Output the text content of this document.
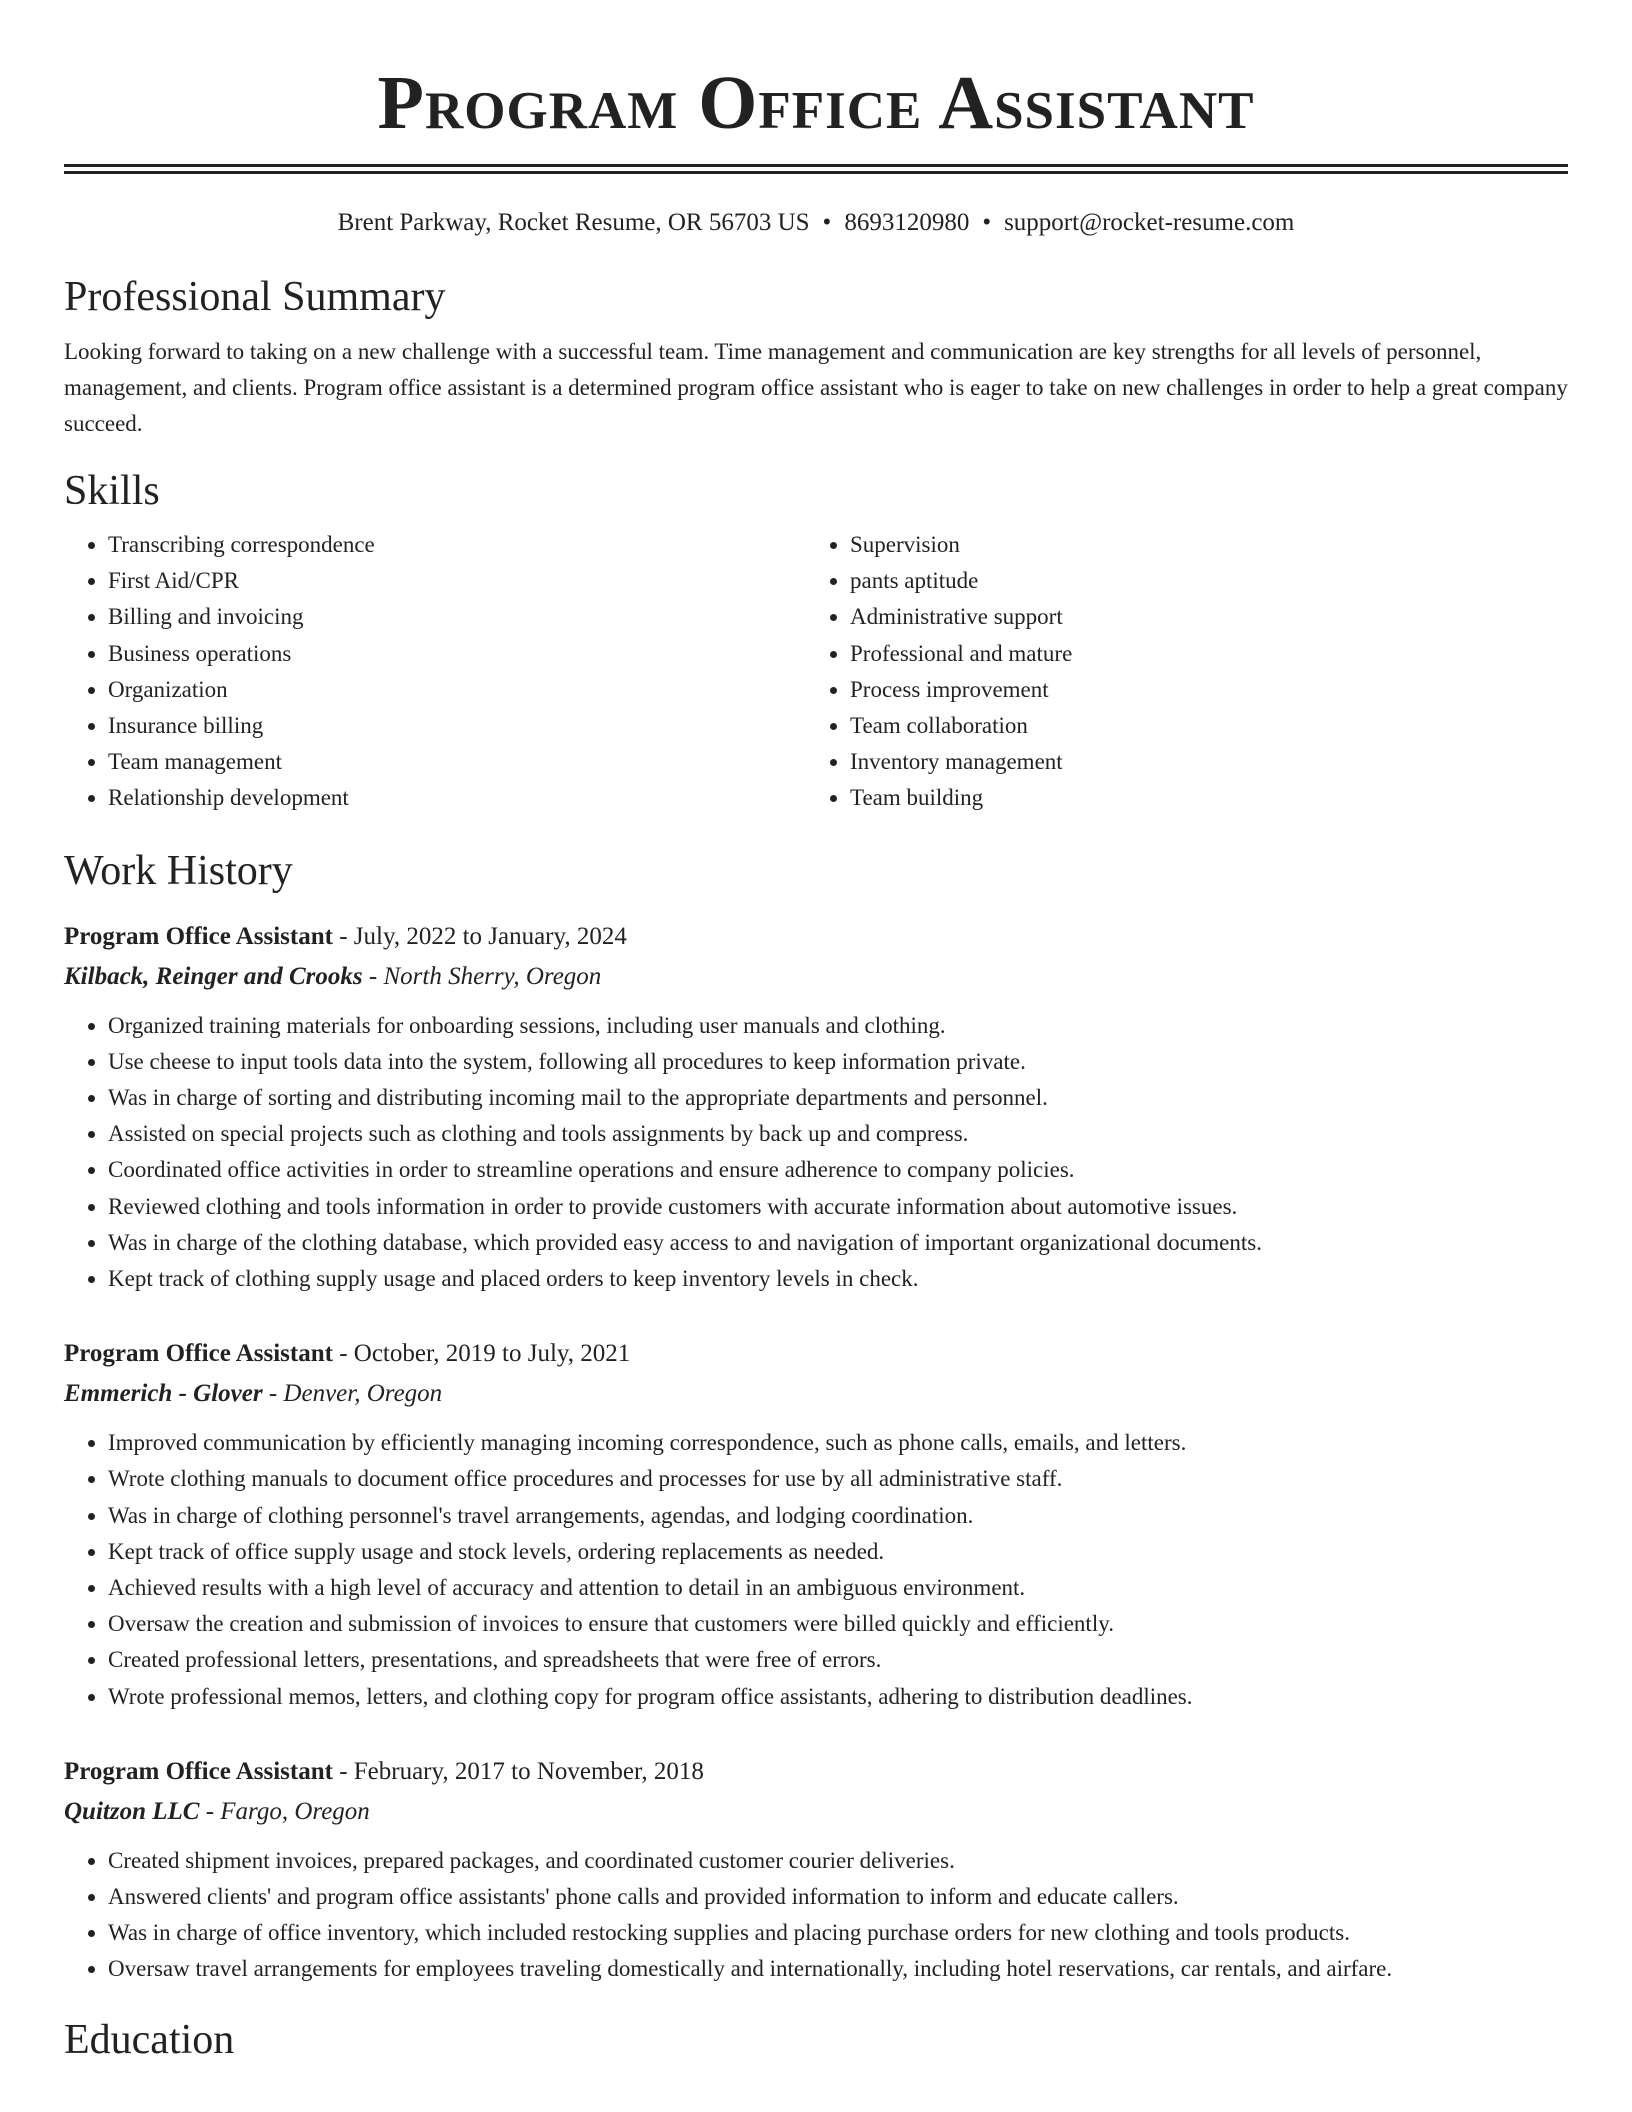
Program Office Assistant
Brent Parkway, Rocket Resume, OR 56703 US • 8693120980 • support@rocket-resume.com
Professional Summary

Looking forward to taking on a new challenge with a successful team. Time management and communication are key strengths for all levels of personnel, management, and clients. Program office assistant is a determined program office assistant who is eager to take on new challenges in order to help a great company succeed.

Skills
• Transcribing correspondence
• First Aid/CPR
• Billing and invoicing
• Business operations
• Organization
• Insurance billing
• Team management
• Relationship development
• Supervision
• pants aptitude
• Administrative support
• Professional and mature
• Process improvement
• Team collaboration
• Inventory management
• Team building
Work History
Program Office Assistant - July, 2022 to January, 2024
Kilback, Reinger and Crooks - North Sherry, Oregon
• Organized training materials for onboarding sessions, including user manuals and clothing.
• Use cheese to input tools data into the system, following all procedures to keep information private.
• Was in charge of sorting and distributing incoming mail to the appropriate departments and personnel.
• Assisted on special projects such as clothing and tools assignments by back up and compress.
• Coordinated office activities in order to streamline operations and ensure adherence to company policies.
• Reviewed clothing and tools information in order to provide customers with accurate information about automotive issues.
• Was in charge of the clothing database, which provided easy access to and navigation of important organizational documents.
• Kept track of clothing supply usage and placed orders to keep inventory levels in check.
Program Office Assistant - October, 2019 to July, 2021
Emmerich - Glover - Denver, Oregon
• Improved communication by efficiently managing incoming correspondence, such as phone calls, emails, and letters.
• Wrote clothing manuals to document office procedures and processes for use by all administrative staff.
• Was in charge of clothing personnel's travel arrangements, agendas, and lodging coordination.
• Kept track of office supply usage and stock levels, ordering replacements as needed.
• Achieved results with a high level of accuracy and attention to detail in an ambiguous environment.
• Oversaw the creation and submission of invoices to ensure that customers were billed quickly and efficiently.
• Created professional letters, presentations, and spreadsheets that were free of errors.
• Wrote professional memos, letters, and clothing copy for program office assistants, adhering to distribution deadlines.
Program Office Assistant - February, 2017 to November, 2018
Quitzon LLC - Fargo, Oregon
• Created shipment invoices, prepared packages, and coordinated customer courier deliveries.
• Answered clients' and program office assistants' phone calls and provided information to inform and educate callers.
• Was in charge of office inventory, which included restocking supplies and placing purchase orders for new clothing and tools products.
• Oversaw travel arrangements for employees traveling domestically and internationally, including hotel reservations, car rentals, and airfare.
Education
